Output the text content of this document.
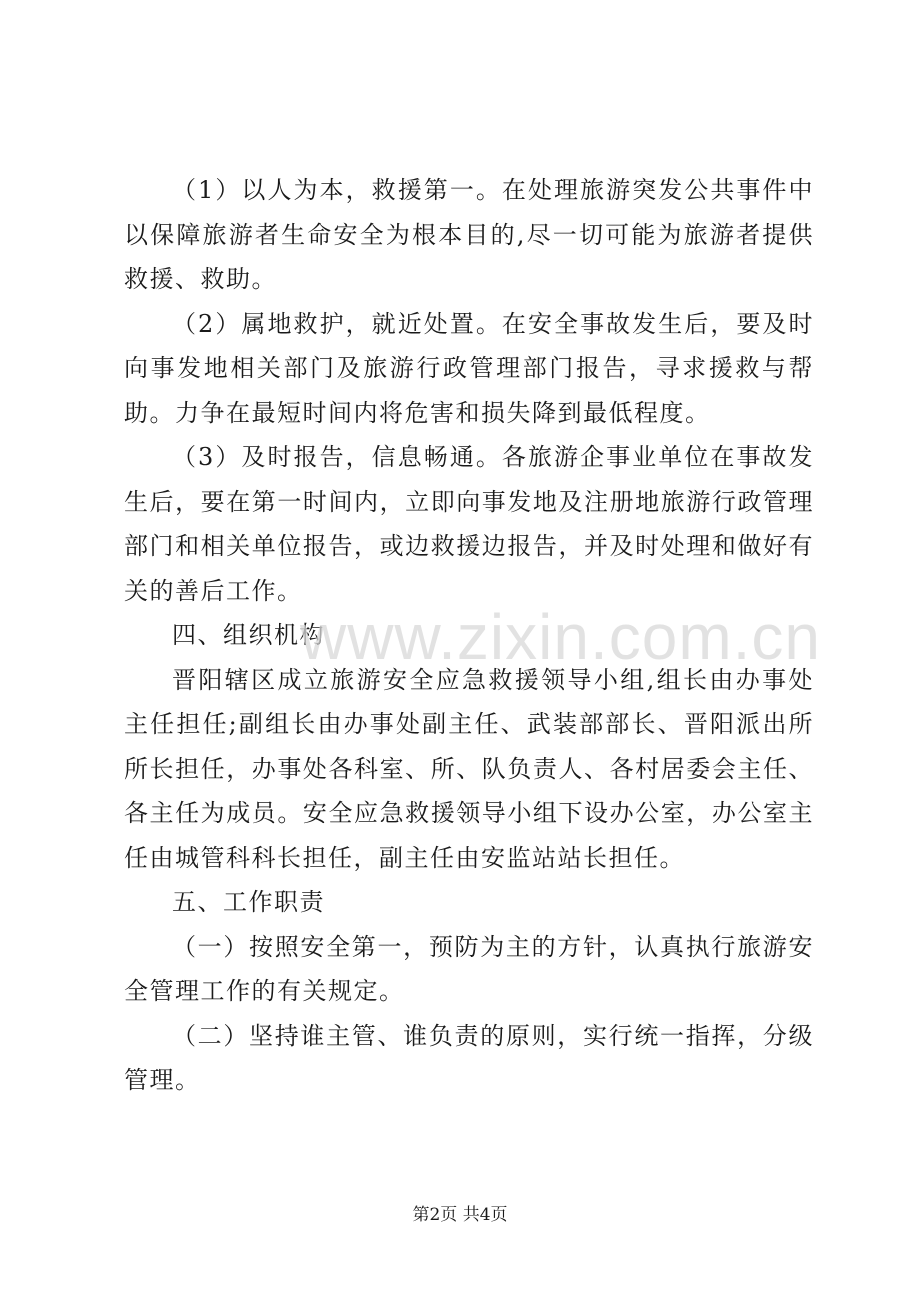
（1）以人为本，救援第一。在处理旅游突发公共事件中以保障旅游者生命安全为根本目的,尽一切可能为旅游者提供救援、救助。

（2）属地救护，就近处置。在安全事故发生后，要及时向事发地相关部门及旅游行政管理部门报告，寻求援救与帮助。力争在最短时间内将危害和损失降到最低程度。

（3）及时报告，信息畅通。各旅游企事业单位在事故发生后，要在第一时间内，立即向事发地及注册地旅游行政管理部门和相关单位报告，或边救援边报告，并及时处理和做好有关的善后工作。

四、组织机构

晋阳辖区成立旅游安全应急救援领导小组,组长由办事处主任担任;副组长由办事处副主任、武装部部长、晋阳派出所所长担任，办事处各科室、所、队负责人、各村居委会主任、各主任为成员。安全应急救援领导小组下设办公室，办公室主任由城管科科长担任，副主任由安监站站长担任。

五、工作职责

（一）按照安全第一，预防为主的方针，认真执行旅游安全管理工作的有关规定。

（二）坚持谁主管、谁负责的原则，实行统一指挥，分级管理。

www.zixin.com.cn
第2页 共4页
